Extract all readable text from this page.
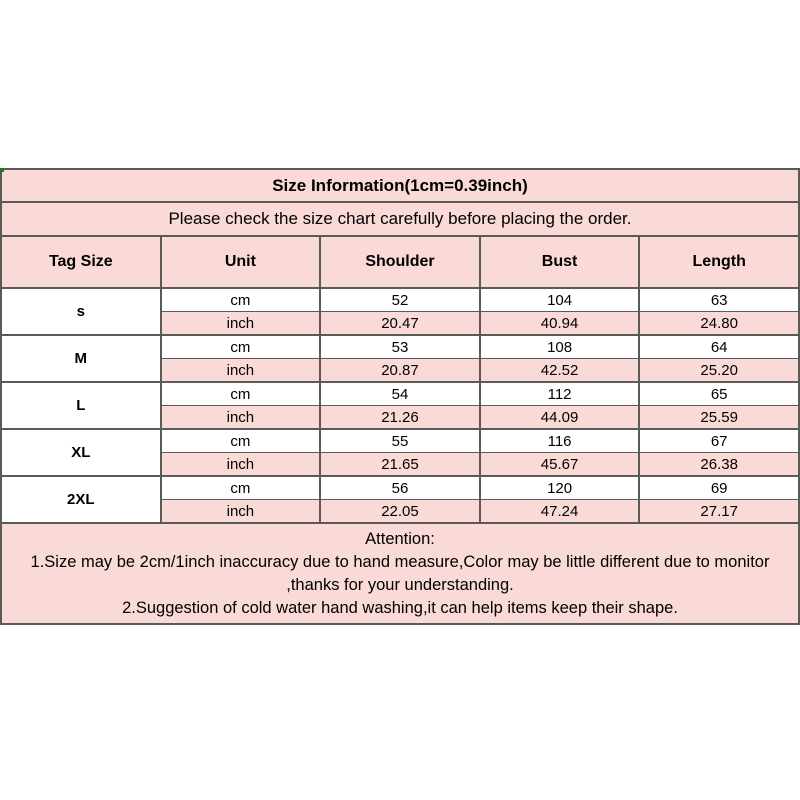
Size Information(1cm=0.39inch)				
Please check the size chart carefully before placing the order.				
Tag Size	Unit	Shoulder	Bust	Length
s	cm	52	104	63
	inch	20.47	40.94	24.80
M	cm	53	108	64
	inch	20.87	42.52	25.20
L	cm	54	112	65
	inch	21.26	44.09	25.59
XL	cm	55	116	67
	inch	21.65	45.67	26.38
2XL	cm	56	120	69
	inch	22.05	47.24	27.17

Attention:
1.Size may be 2cm/1inch inaccuracy due to hand measure,Color may be little different due to monitor
,thanks for your understanding.
2.Suggestion of cold water hand washing,it can help items keep their shape.				
